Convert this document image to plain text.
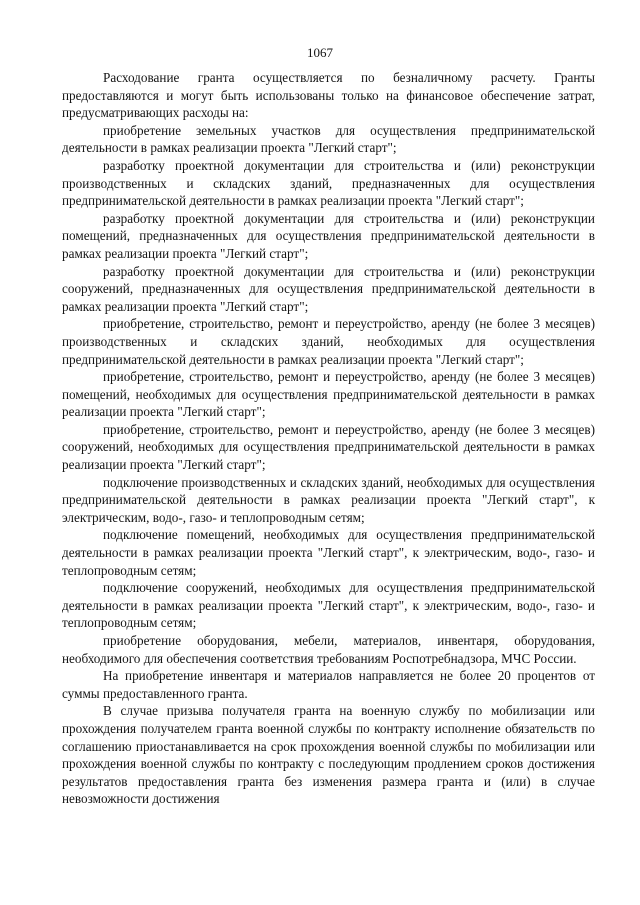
1067

Расходование гранта осуществляется по безналичному расчету. Гранты предоставляются и могут быть использованы только на финансовое обеспечение затрат, предусматривающих расходы на:

приобретение земельных участков для осуществления предпринимательской деятельности в рамках реализации проекта "Легкий старт";

разработку проектной документации для строительства и (или) реконструкции производственных и складских зданий, предназначенных для осуществления предпринимательской деятельности в рамках реализации проекта "Легкий старт";

разработку проектной документации для строительства и (или) реконструкции помещений, предназначенных для осуществления предпринимательской деятельности в рамках реализации проекта "Легкий старт";

разработку проектной документации для строительства и (или) реконструкции сооружений, предназначенных для осуществления предпринимательской деятельности в рамках реализации проекта "Легкий старт";

приобретение, строительство, ремонт и переустройство, аренду (не более 3 месяцев) производственных и складских зданий, необходимых для осуществления предпринимательской деятельности в рамках реализации проекта "Легкий старт";

приобретение, строительство, ремонт и переустройство, аренду (не более 3 месяцев) помещений, необходимых для осуществления предпринимательской деятельности в рамках реализации проекта "Легкий старт";

приобретение, строительство, ремонт и переустройство, аренду (не более 3 месяцев) сооружений, необходимых для осуществления предпринимательской деятельности в рамках реализации проекта "Легкий старт";

подключение производственных и складских зданий, необходимых для осуществления предпринимательской деятельности в рамках реализации проекта "Легкий старт", к электрическим, водо-, газо- и теплопроводным сетям;

подключение помещений, необходимых для осуществления предпринимательской деятельности в рамках реализации проекта "Легкий старт", к электрическим, водо-, газо- и теплопроводным сетям;

подключение сооружений, необходимых для осуществления предпринимательской деятельности в рамках реализации проекта "Легкий старт", к электрическим, водо-, газо- и теплопроводным сетям;

приобретение оборудования, мебели, материалов, инвентаря, оборудования, необходимого для обеспечения соответствия требованиям Роспотребнадзора, МЧС России.

На приобретение инвентаря и материалов направляется не более 20 процентов от суммы предоставленного гранта.

В случае призыва получателя гранта на военную службу по мобилизации или прохождения получателем гранта военной службы по контракту исполнение обязательств по соглашению приостанавливается на срок прохождения военной службы по мобилизации или прохождения военной службы по контракту с последующим продлением сроков достижения результатов предоставления гранта без изменения размера гранта и (или) в случае невозможности достижения
